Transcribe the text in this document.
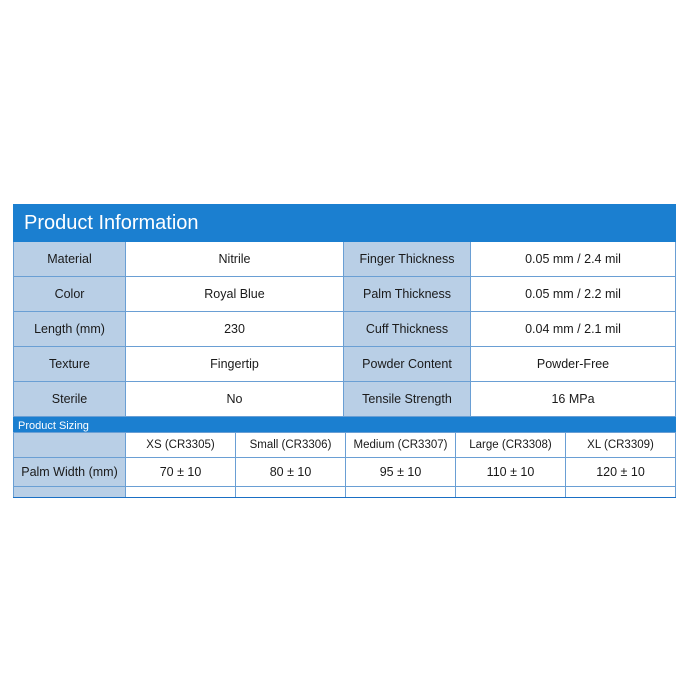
Product Information			
Material	Nitrile	Finger Thickness	0.05 mm / 2.4 mil
Color	Royal Blue	Palm Thickness	0.05 mm / 2.2 mil
Length (mm)	230	Cuff Thickness	0.04 mm / 2.1 mil
Texture	Fingertip	Powder Content	Powder-Free
Sterile	No	Tensile Strength	16 MPa
Product Sizing			
	XS (CR3305)	Small (CR3306)	Medium (CR3307)	Large (CR3308)	XL (CR3309)
Palm Width (mm)	70 ± 10	80 ± 10	95 ± 10	110 ± 10	120 ± 10
